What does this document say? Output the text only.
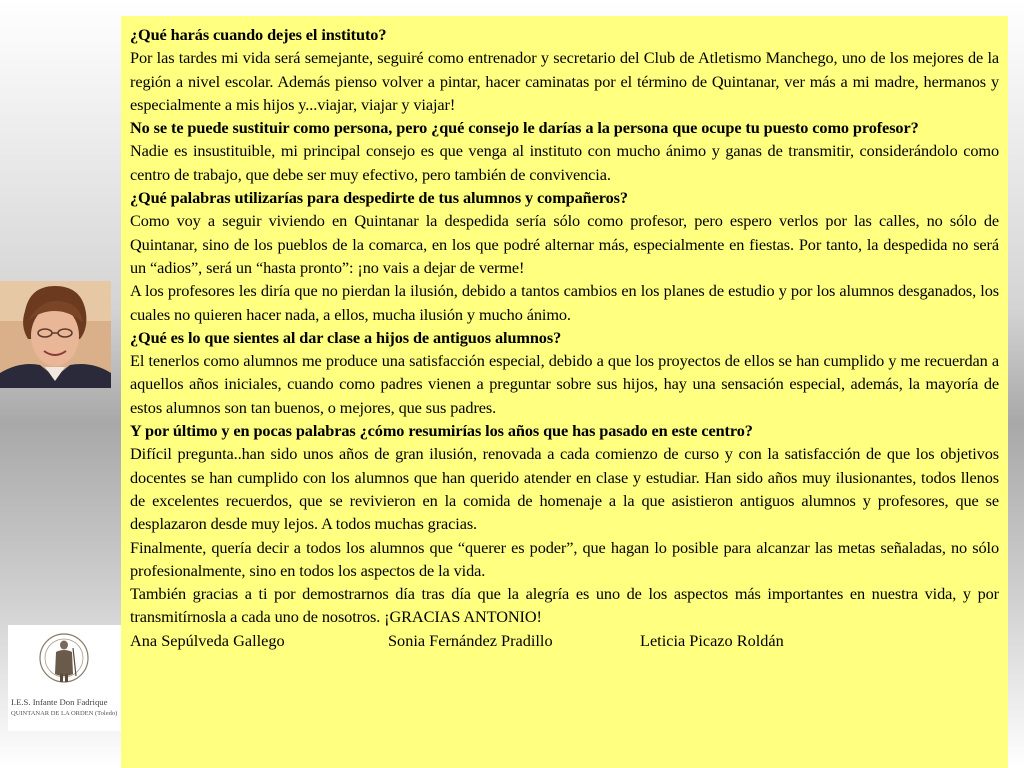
I.E.S. Infante Don Fadrique
QUINTANAR DE LA ORDEN (Toledo)

¿Qué harás cuando dejes el instituto?

Por las tardes mi vida será semejante, seguiré como entrenador y secretario del Club de Atletismo Manchego, uno de los mejores de la región a nivel escolar. Además pienso volver a pintar, hacer caminatas por el término de Quintanar, ver más a mi madre, hermanos y especialmente a mis hijos y...viajar, viajar y viajar!

No se te puede sustituir como persona, pero ¿qué consejo le darías a la persona que ocupe tu puesto como profesor?

Nadie es insustituible, mi principal consejo es que venga al instituto con mucho ánimo y ganas de transmitir, considerándolo como centro de trabajo, que debe ser muy efectivo, pero también de convivencia.

¿Qué palabras utilizarías para despedirte de tus alumnos y compañeros?

Como voy a seguir viviendo en Quintanar la despedida sería sólo como profesor, pero espero verlos por las calles, no sólo de Quintanar, sino de los pueblos de la comarca, en los que podré alternar más, especialmente en fiestas. Por tanto, la despedida no será un “adios”, será un “hasta pronto”: ¡no vais a dejar de verme!

A los profesores les diría que no pierdan la ilusión, debido a tantos cambios en los planes de estudio y por los alumnos desganados, los cuales no quieren hacer nada, a ellos, mucha ilusión y mucho ánimo.

¿Qué es lo que sientes al dar clase a hijos de antiguos alumnos?

El tenerlos como alumnos me produce una satisfacción especial, debido a que los proyectos de ellos se han cumplido y me recuerdan a aquellos años iniciales, cuando como padres vienen a preguntar sobre sus hijos, hay una sensación especial, además, la mayoría de estos alumnos son tan buenos, o mejores, que sus padres.

Y por último y en pocas palabras ¿cómo resumirías los años que has pasado en este centro?

Difícil pregunta..han sido unos años de gran ilusión, renovada a cada comienzo de curso y con la satisfacción de que los objetivos docentes se han cumplido con los alumnos que han querido atender en clase y estudiar. Han sido años muy ilusionantes, todos llenos de excelentes recuerdos, que se revivieron en la comida de homenaje a la que asistieron antiguos alumnos y profesores, que se desplazaron desde muy lejos. A todos muchas gracias.

Finalmente, quería decir a todos los alumnos que “querer es poder”, que hagan lo posible para alcanzar las metas señaladas, no sólo profesionalmente, sino en todos los aspectos de la vida.

También gracias a ti por demostrarnos día tras día que la alegría es uno de los aspectos más importantes en nuestra vida, y por transmitírnosla a cada uno de nosotros. ¡GRACIAS ANTONIO!

Ana Sepúlveda Gallego	Sonia Fernández Pradillo	Leticia Picazo Roldán
